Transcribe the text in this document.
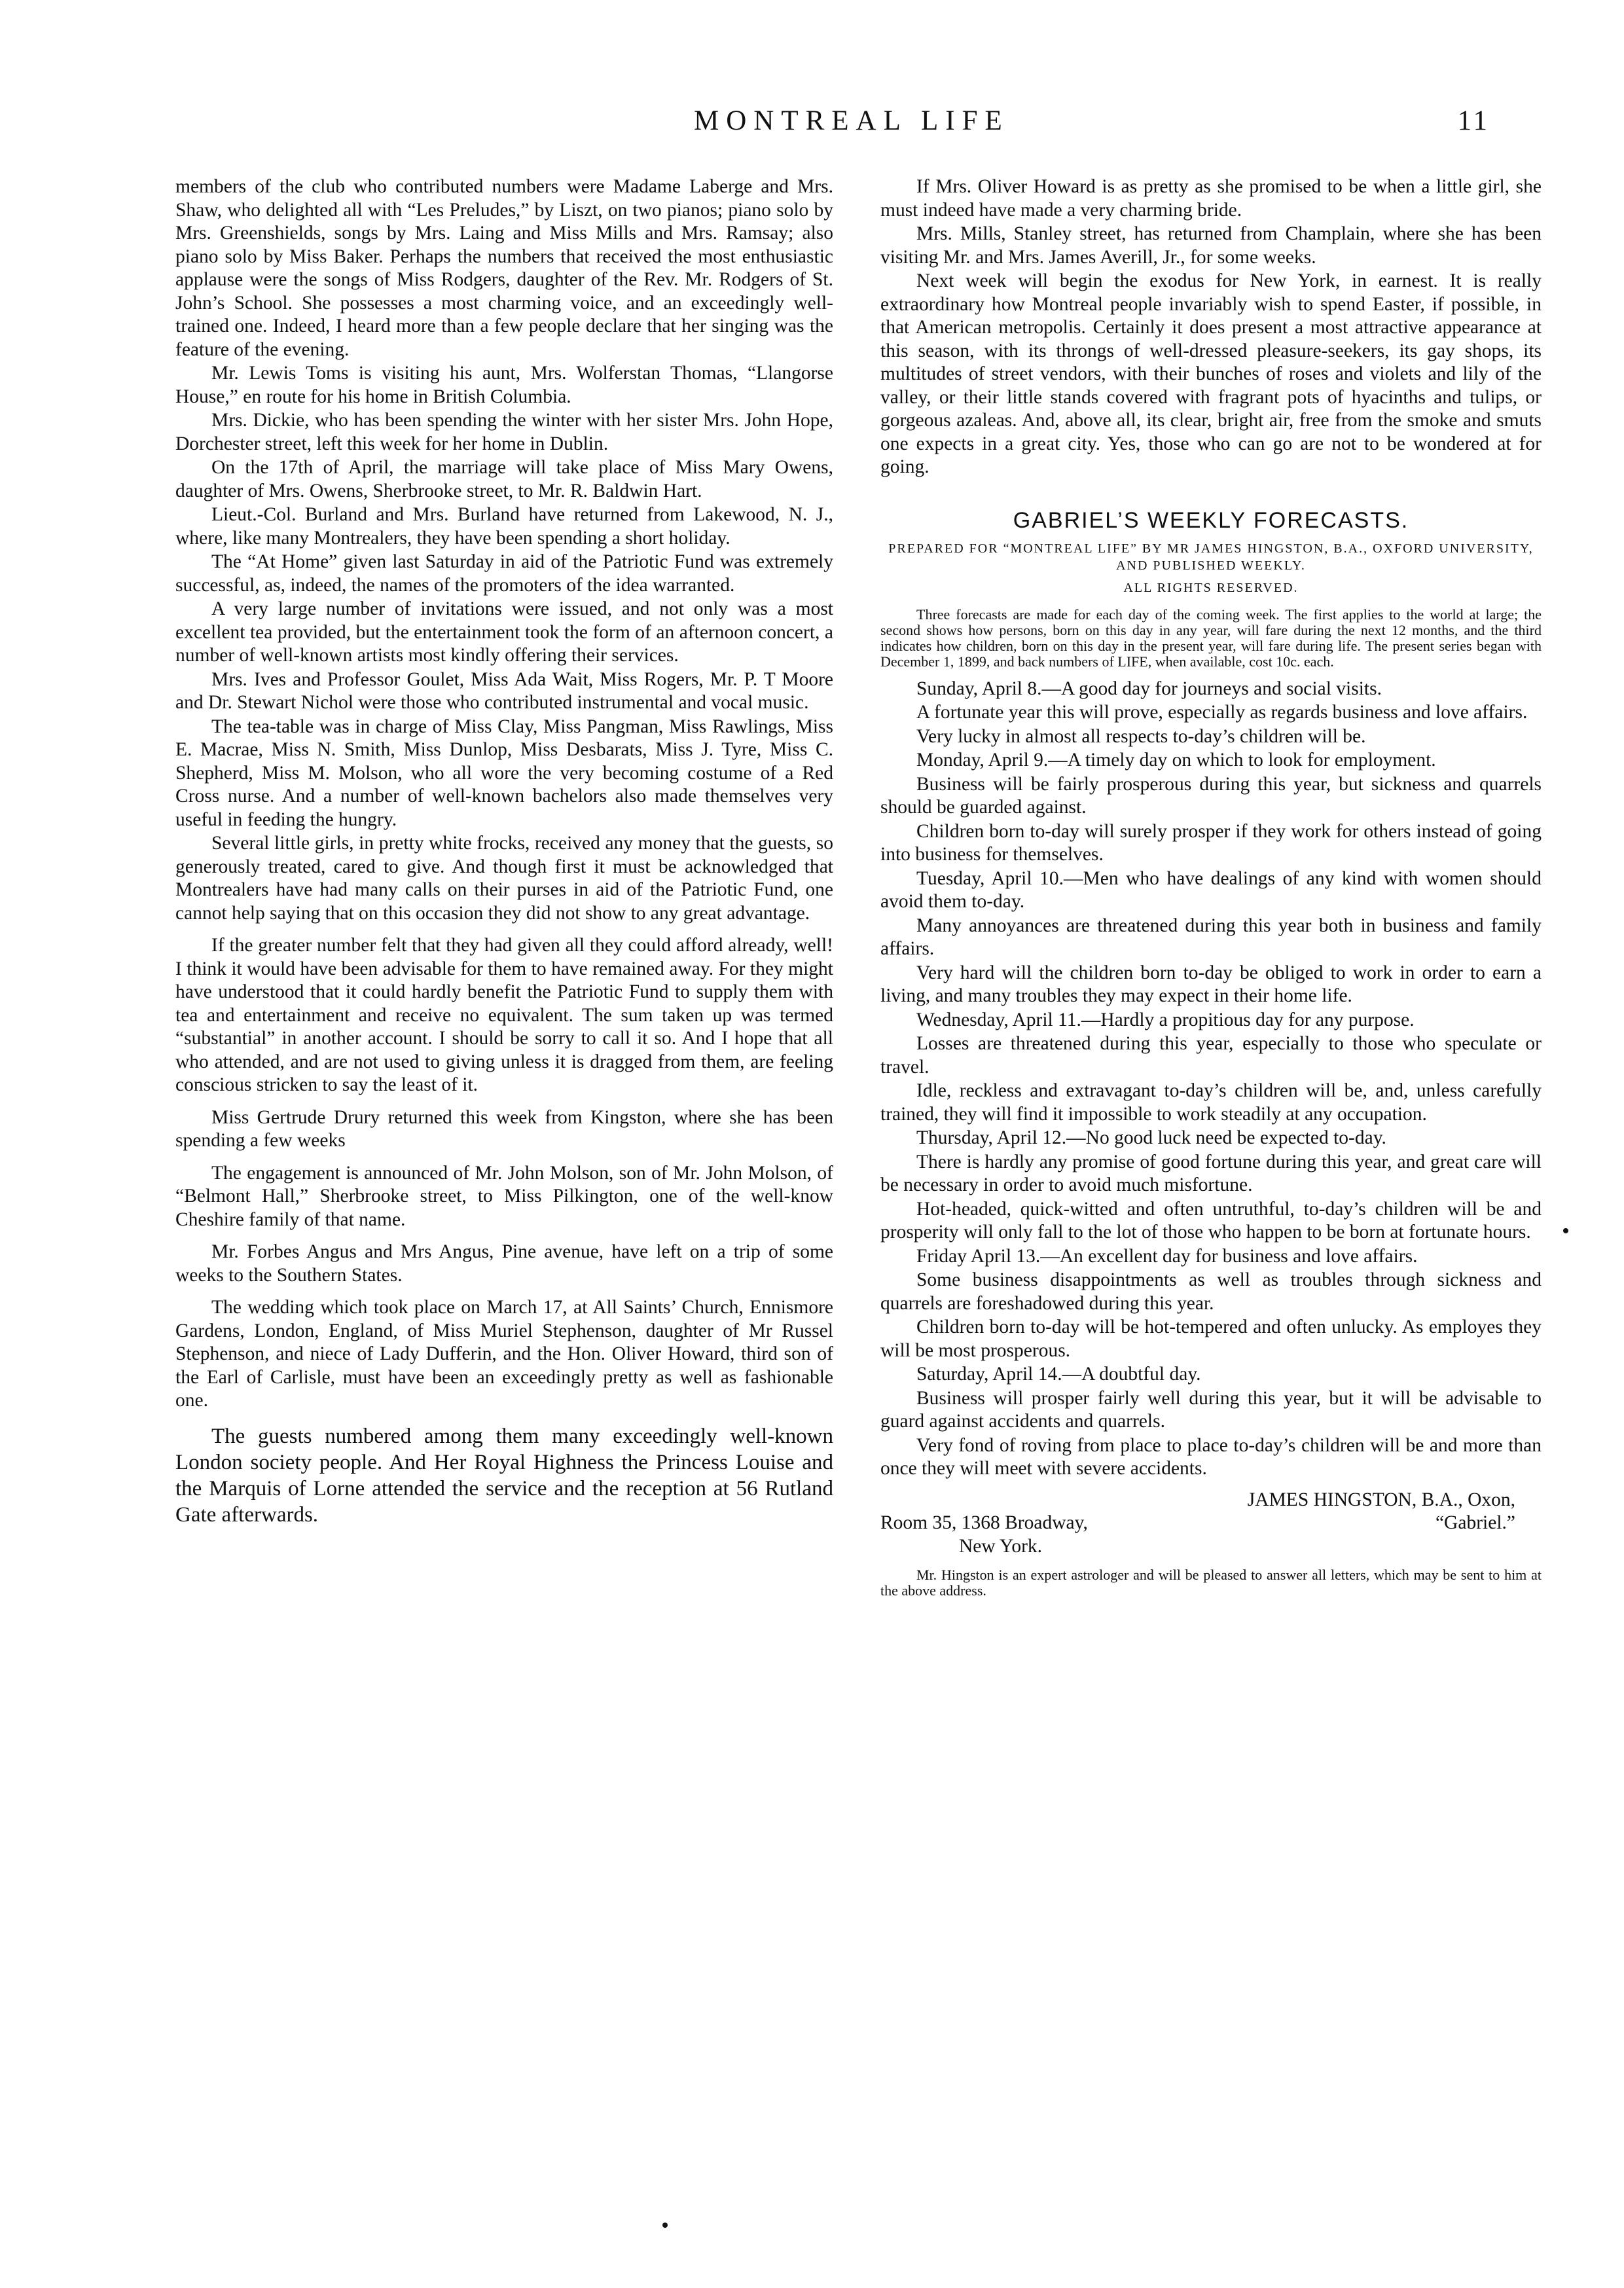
MONTREAL LIFE	11

members of the club who contributed numbers were Madame Laberge and Mrs. Shaw, who delighted all with “Les Preludes,” by Liszt, on two pianos; piano solo by Mrs. Greenshields, songs by Mrs. Laing and Miss Mills and Mrs. Ramsay; also piano solo by Miss Baker. Perhaps the numbers that received the most enthusiastic applause were the songs of Miss Rodgers, daughter of the Rev. Mr. Rodgers of St. John’s School. She possesses a most charming voice, and an exceedingly well-trained one. Indeed, I heard more than a few people declare that her singing was the feature of the evening.

Mr. Lewis Toms is visiting his aunt, Mrs. Wolferstan Thomas, “Llangorse House,” en route for his home in British Columbia.

Mrs. Dickie, who has been spending the winter with her sister Mrs. John Hope, Dorchester street, left this week for her home in Dublin.

On the 17th of April, the marriage will take place of Miss Mary Owens, daughter of Mrs. Owens, Sherbrooke street, to Mr. R. Baldwin Hart.

Lieut.-Col. Burland and Mrs. Burland have returned from Lakewood, N. J., where, like many Montrealers, they have been spending a short holiday.

The “At Home” given last Saturday in aid of the Patriotic Fund was extremely successful, as, indeed, the names of the promoters of the idea warranted.

A very large number of invitations were issued, and not only was a most excellent tea provided, but the entertainment took the form of an afternoon concert, a number of well-known artists most kindly offering their services.

Mrs. Ives and Professor Goulet, Miss Ada Wait, Miss Rogers, Mr. P. T Moore and Dr. Stewart Nichol were those who contributed instrumental and vocal music.

The tea-table was in charge of Miss Clay, Miss Pangman, Miss Rawlings, Miss E. Macrae, Miss N. Smith, Miss Dunlop, Miss Desbarats, Miss J. Tyre, Miss C. Shepherd, Miss M. Molson, who all wore the very becoming costume of a Red Cross nurse. And a number of well-known bachelors also made themselves very useful in feeding the hungry.

Several little girls, in pretty white frocks, received any money that the guests, so generously treated, cared to give. And though first it must be acknowledged that Montrealers have had many calls on their purses in aid of the Patriotic Fund, one cannot help saying that on this occasion they did not show to any great advantage.

If the greater number felt that they had given all they could afford already, well! I think it would have been advisable for them to have remained away. For they might have understood that it could hardly benefit the Patriotic Fund to supply them with tea and entertainment and receive no equivalent. The sum taken up was termed “substantial” in another account. I should be sorry to call it so. And I hope that all who attended, and are not used to giving unless it is dragged from them, are feeling conscious stricken to say the least of it.

Miss Gertrude Drury returned this week from Kingston, where she has been spending a few weeks

The engagement is announced of Mr. John Molson, son of Mr. John Molson, of “Belmont Hall,” Sherbrooke street, to Miss Pilkington, one of the well-know Cheshire family of that name.

Mr. Forbes Angus and Mrs Angus, Pine avenue, have left on a trip of some weeks to the Southern States.

The wedding which took place on March 17, at All Saints’ Church, Ennismore Gardens, London, England, of Miss Muriel Stephenson, daughter of Mr Russel Stephenson, and niece of Lady Dufferin, and the Hon. Oliver Howard, third son of the Earl of Carlisle, must have been an exceedingly pretty as well as fashionable one.

The guests numbered among them many exceedingly well-known London society people. And Her Royal Highness the Princess Louise and the Marquis of Lorne attended the service and the reception at 56 Rutland Gate afterwards.

If Mrs. Oliver Howard is as pretty as she promised to be when a little girl, she must indeed have made a very charming bride.

Mrs. Mills, Stanley street, has returned from Champlain, where she has been visiting Mr. and Mrs. James Averill, Jr., for some weeks.

Next week will begin the exodus for New York, in earnest. It is really extraordinary how Montreal people invariably wish to spend Easter, if possible, in that American metropolis. Certainly it does present a most attractive appearance at this season, with its throngs of well-dressed pleasure-seekers, its gay shops, its multitudes of street vendors, with their bunches of roses and violets and lily of the valley, or their little stands covered with fragrant pots of hyacinths and tulips, or gorgeous azaleas. And, above all, its clear, bright air, free from the smoke and smuts one expects in a great city. Yes, those who can go are not to be wondered at for going.

GABRIEL’S WEEKLY FORECASTS.
PREPARED FOR “MONTREAL LIFE” BY MR JAMES HINGSTON, B.A., OXFORD UNIVERSITY, AND PUBLISHED WEEKLY.
ALL RIGHTS RESERVED.
Three forecasts are made for each day of the coming week. The first applies to the world at large; the second shows how persons, born on this day in any year, will fare during the next 12 months, and the third indicates how children, born on this day in the present year, will fare during life. The present series began with December 1, 1899, and back numbers of LIFE, when available, cost 10c. each.

Sunday, April 8.—A good day for journeys and social visits.

A fortunate year this will prove, especially as regards business and love affairs.

Very lucky in almost all respects to-day’s children will be.

Monday, April 9.—A timely day on which to look for employment.

Business will be fairly prosperous during this year, but sickness and quarrels should be guarded against.

Children born to-day will surely prosper if they work for others instead of going into business for themselves.

Tuesday, April 10.—Men who have dealings of any kind with women should avoid them to-day.

Many annoyances are threatened during this year both in business and family affairs.

Very hard will the children born to-day be obliged to work in order to earn a living, and many troubles they may expect in their home life.

Wednesday, April 11.—Hardly a propitious day for any purpose.

Losses are threatened during this year, especially to those who speculate or travel.

Idle, reckless and extravagant to-day’s children will be, and, unless carefully trained, they will find it impossible to work steadily at any occupation.

Thursday, April 12.—No good luck need be expected to-day.

There is hardly any promise of good fortune during this year, and great care will be necessary in order to avoid much misfortune.

Hot-headed, quick-witted and often untruthful, to-day’s children will be and prosperity will only fall to the lot of those who happen to be born at fortunate hours.

Friday April 13.—An excellent day for business and love affairs.

Some business disappointments as well as troubles through sickness and quarrels are foreshadowed during this year.

Children born to-day will be hot-tempered and often unlucky. As employes they will be most prosperous.

Saturday, April 14.—A doubtful day.

Business will prosper fairly well during this year, but it will be advisable to guard against accidents and quarrels.

Very fond of roving from place to place to-day’s children will be and more than once they will meet with severe accidents.

JAMES HINGSTON, B.A., Oxon,
Room 35, 1368 Broadway,	“Gabriel.”
New York.
Mr. Hingston is an expert astrologer and will be pleased to answer all letters, which may be sent to him at the above address.
